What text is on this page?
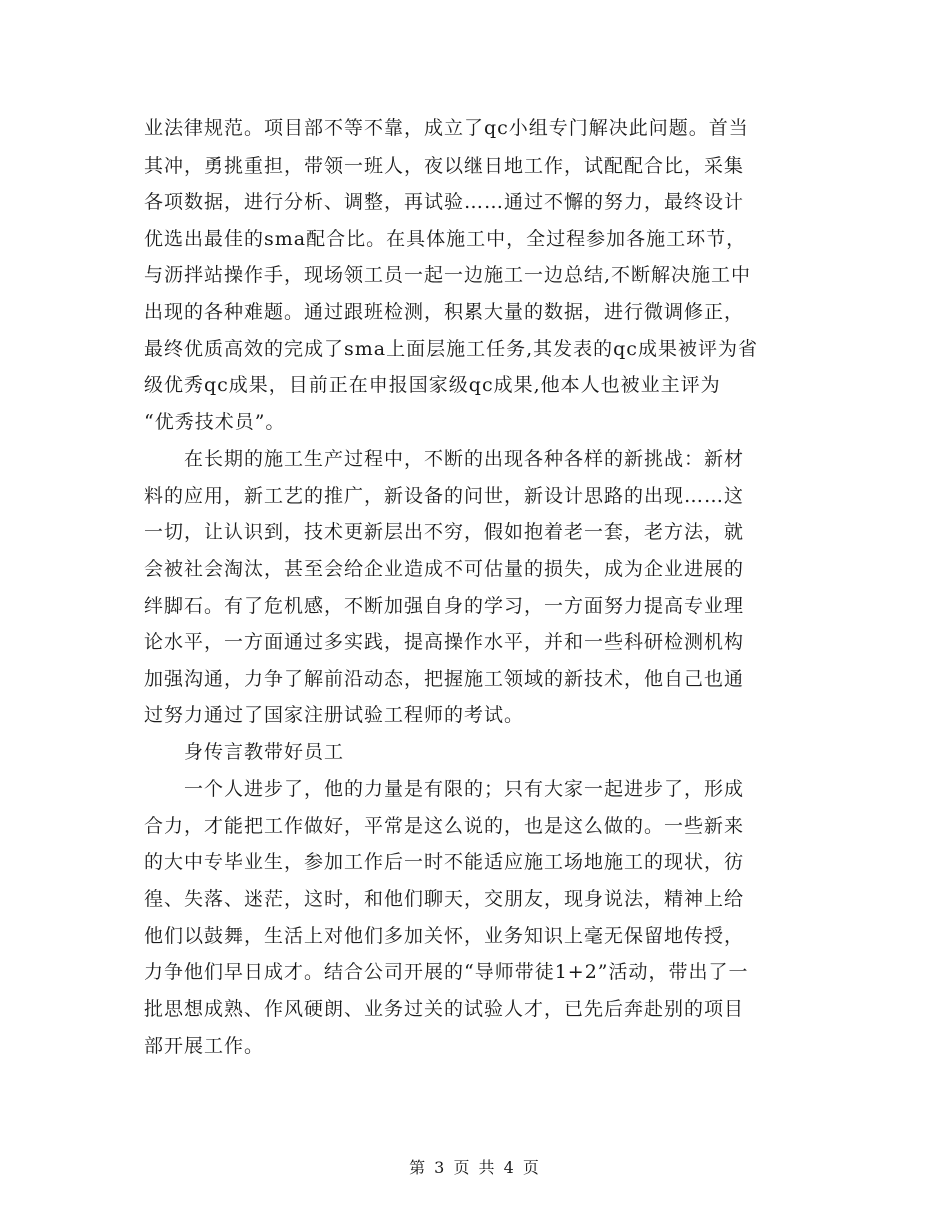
业法律规范。项目部不等不靠，成立了qc小组专门解决此问题。首当
其冲，勇挑重担，带领一班人，夜以继日地工作，试配配合比，采集
各项数据，进行分析、调整，再试验……通过不懈的努力，最终设计
优选出最佳的sma配合比。在具体施工中，全过程参加各施工环节，
与沥拌站操作手，现场领工员一起一边施工一边总结,不断解决施工中
出现的各种难题。通过跟班检测，积累大量的数据，进行微调修正，
最终优质高效的完成了sma上面层施工任务,其发表的qc成果被评为省
级优秀qc成果，目前正在申报国家级qc成果,他本人也被业主评为
“优秀技术员”。
　　在长期的施工生产过程中，不断的出现各种各样的新挑战：新材
料的应用，新工艺的推广，新设备的问世，新设计思路的出现……这
一切，让认识到，技术更新层出不穷，假如抱着老一套，老方法，就
会被社会淘汰，甚至会给企业造成不可估量的损失，成为企业进展的
绊脚石。有了危机感，不断加强自身的学习，一方面努力提高专业理
论水平，一方面通过多实践，提高操作水平，并和一些科研检测机构
加强沟通，力争了解前沿动态，把握施工领域的新技术，他自己也通
过努力通过了国家注册试验工程师的考试。
　　身传言教带好员工
　　一个人进步了，他的力量是有限的；只有大家一起进步了，形成
合力，才能把工作做好，平常是这么说的，也是这么做的。一些新来
的大中专毕业生，参加工作后一时不能适应施工场地施工的现状，彷
徨、失落、迷茫，这时，和他们聊天，交朋友，现身说法，精神上给
他们以鼓舞，生活上对他们多加关怀，业务知识上毫无保留地传授，
力争他们早日成才。结合公司开展的“导师带徒1+2”活动，带出了一
批思想成熟、作风硬朗、业务过关的试验人才，已先后奔赴别的项目
部开展工作。
第 3 页 共 4 页
